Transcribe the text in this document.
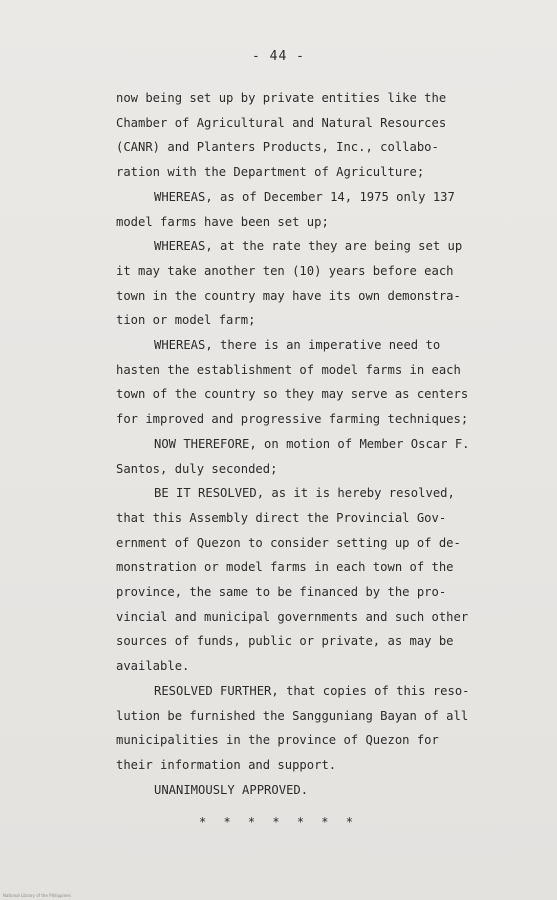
- 44 -
now being set up by private entities like the
Chamber of Agricultural and Natural Resources
(CANR) and Planters Products, Inc., collabo-
ration with the Department of Agriculture;
WHEREAS, as of December 14, 1975 only 137
model farms have been set up;
WHEREAS, at the rate they are being set up
it may take another ten (10) years before each
town in the country may have its own demonstra-
tion or model farm;
WHEREAS, there is an imperative need to
hasten the establishment of model farms in each
town of the country so they may serve as centers
for improved and progressive farming techniques;
NOW THEREFORE, on motion of Member Oscar F.
Santos, duly seconded;
BE IT RESOLVED, as it is hereby resolved,
that this Assembly direct the Provincial Gov-
ernment of Quezon to consider setting up of de-
monstration or model farms in each town of the
province, the same to be financed by the pro-
vincial and municipal governments and such other
sources of funds, public or private, as may be
available.
RESOLVED FURTHER, that copies of this reso-
lution be furnished the Sangguniang Bayan of all
municipalities in the province of Quezon for
their information and support.
UNANIMOUSLY APPROVED.
* * * * * * *
National Library of the Philippines
